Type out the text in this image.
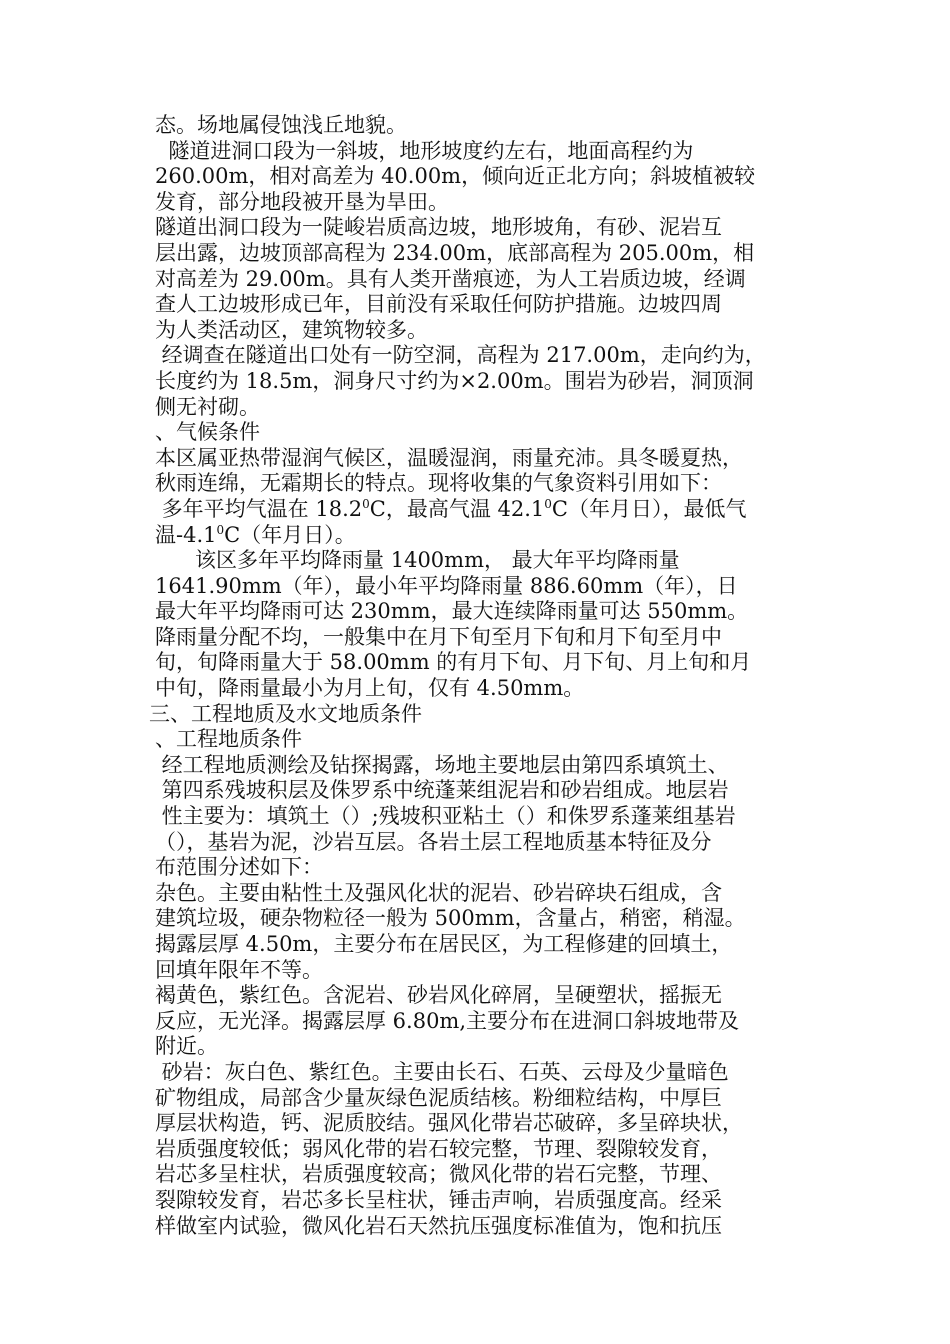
态。场地属侵蚀浅丘地貌。
隧道进洞口段为一斜坡，地形坡度约左右，地面高程约为
260.00m，相对高差为 40.00m，倾向近正北方向；斜坡植被较
发育，部分地段被开垦为旱田。
隧道出洞口段为一陡峻岩质高边坡，地形坡角，有砂、泥岩互
层出露，边坡顶部高程为 234.00m，底部高程为 205.00m，相
对高差为 29.00m。具有人类开凿痕迹，为人工岩质边坡，经调
查人工边坡形成已年，目前没有采取任何防护措施。边坡四周
为人类活动区，建筑物较多。
经调查在隧道出口处有一防空洞，高程为 217.00m，走向约为，
长度约为 18.5m，洞身尺寸约为×2.00m。围岩为砂岩，洞顶洞
侧无衬砌。
、气候条件
本区属亚热带湿润气候区，温暖湿润，雨量充沛。具冬暖夏热，
秋雨连绵，无霜期长的特点。现将收集的气象资料引用如下：
多年平均气温在 18.2$^0$C，最高气温 42.1$^0$C（年月日），最低气
温$-4.1^0C$（年月日）。
该区多年平均降雨量 1400mm， 最大年平均降雨量
1641.90mm（年），最小年平均降雨量 886.60mm（年），日
最大年平均降雨可达 230mm，最大连续降雨量可达 550mm。
降雨量分配不均，一般集中在月下旬至月下旬和月下旬至月中
旬，旬降雨量大于 58.00mm 的有月下旬、月下旬、月上旬和月
中旬，降雨量最小为月上旬，仅有 4.50mm。
三、工程地质及水文地质条件
、工程地质条件
经工程地质测绘及钻探揭露，场地主要地层由第四系填筑土、
第四系残坡积层及侏罗系中统蓬莱组泥岩和砂岩组成。地层岩
性主要为：填筑土（）;残坡积亚粘土（）和侏罗系蓬莱组基岩
（），基岩为泥，沙岩互层。各岩土层工程地质基本特征及分
布范围分述如下：
杂色。主要由粘性土及强风化状的泥岩、砂岩碎块石组成，含
建筑垃圾，硬杂物粒径一般为 500mm，含量占，稍密，稍湿。
揭露层厚 4.50m，主要分布在居民区，为工程修建的回填土，
回填年限年不等。
褐黄色，紫红色。含泥岩、砂岩风化碎屑，呈硬塑状，摇振无
反应，无光泽。揭露层厚 6.80m,主要分布在进洞口斜坡地带及
附近。
砂岩：灰白色、紫红色。主要由长石、石英、云母及少量暗色
矿物组成，局部含少量灰绿色泥质结核。粉细粒结构，中厚巨
厚层状构造，钙、泥质胶结。强风化带岩芯破碎，多呈碎块状，
岩质强度较低；弱风化带的岩石较完整，节理、裂隙较发育，
岩芯多呈柱状，岩质强度较高；微风化带的岩石完整，节理、
裂隙较发育，岩芯多长呈柱状，锤击声响，岩质强度高。经采
样做室内试验，微风化岩石天然抗压强度标准值为，饱和抗压
